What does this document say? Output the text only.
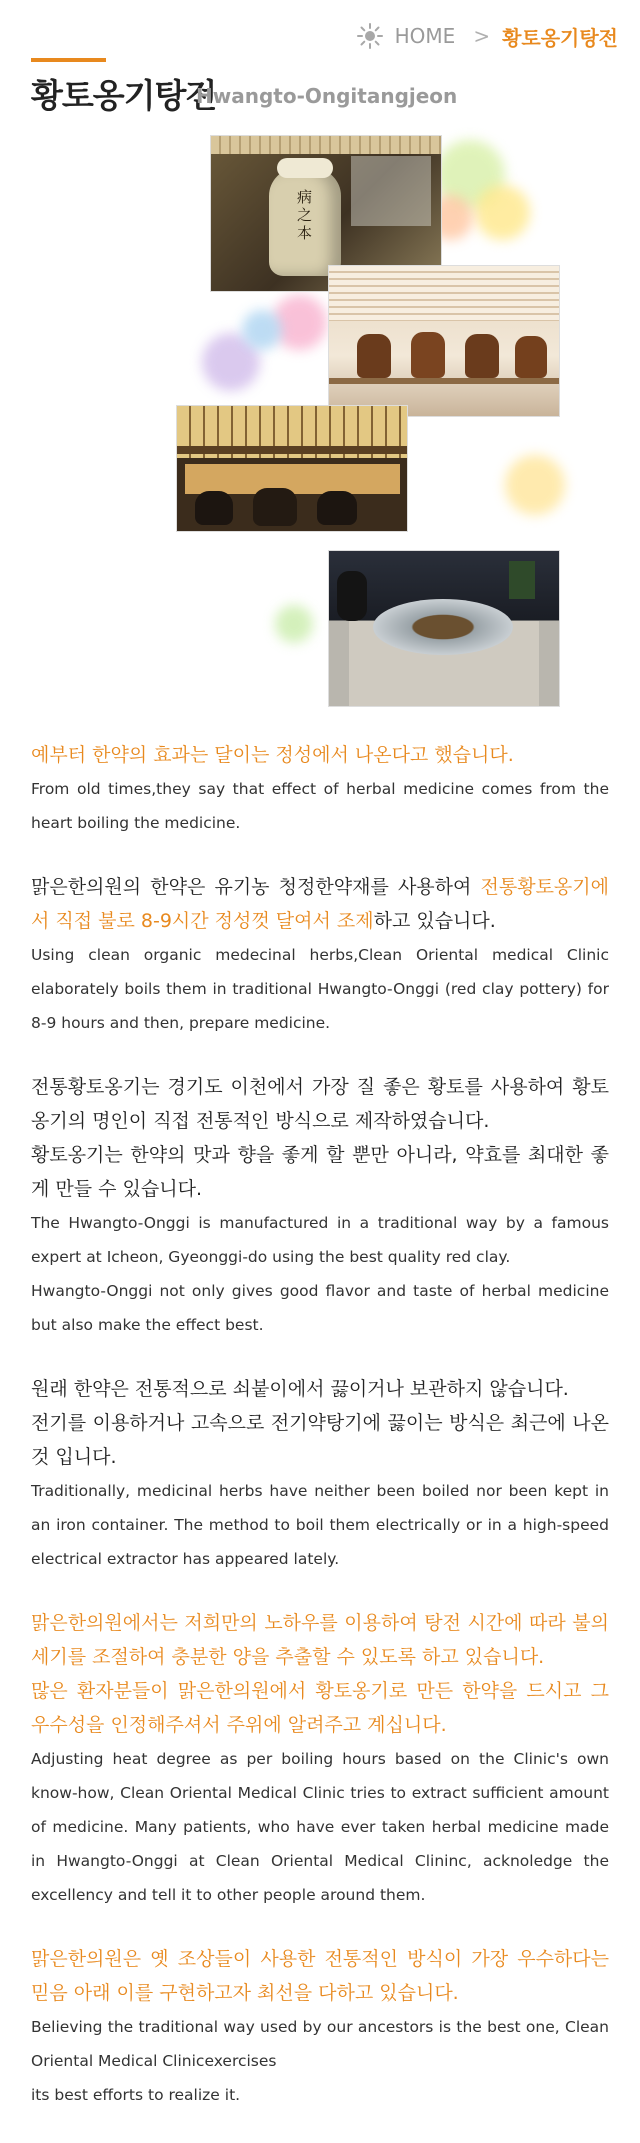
HOME > 황토옹기탕전
황토옹기탕전
Hwangto-Ongitangjeon
病之本

예부터 한약의 효과는 달이는 정성에서 나온다고 했습니다.

From old times,they say that effect of herbal medicine comes from the heart boiling the medicine.

맑은한의원의 한약은 유기농 청정한약재를 사용하여 전통황토옹기에서 직접 불로 8-9시간 정성껏 달여서 조제하고 있습니다.

Using clean organic medecinal herbs,Clean Oriental medical Clinic elaborately boils them in traditional Hwangto-Onggi (red clay pottery) for 8-9 hours and then, prepare medicine.

전통황토옹기는 경기도 이천에서 가장 질 좋은 황토를 사용하여 황토 옹기의 명인이 직접 전통적인 방식으로 제작하였습니다.

황토옹기는 한약의 맛과 향을 좋게 할 뿐만 아니라, 약효를 최대한 좋게 만들 수 있습니다.

The Hwangto-Onggi is manufactured in a traditional way by a famous expert at Icheon, Gyeonggi-do using the best quality red clay.

Hwangto-Onggi not only gives good flavor and taste of herbal medicine but also make the effect best.

원래 한약은 전통적으로 쇠붙이에서 끓이거나 보관하지 않습니다.

전기를 이용하거나 고속으로 전기약탕기에 끓이는 방식은 최근에 나온것 입니다.

Traditionally, medicinal herbs have neither been boiled nor been kept in an iron container. The method to boil them electrically or in a high-speed electrical extractor has appeared lately.

맑은한의원에서는 저희만의 노하우를 이용하여 탕전 시간에 따라 불의 세기를 조절하여 충분한 양을 추출할 수 있도록 하고 있습니다.

많은 환자분들이 맑은한의원에서 황토옹기로 만든 한약을 드시고 그 우수성을 인정해주셔서 주위에 알려주고 계십니다.

Adjusting heat degree as per boiling hours based on the Clinic's own know-how, Clean Oriental Medical Clinic tries to extract sufficient amount of medicine. Many patients, who have ever taken herbal medicine made in Hwangto-Onggi at Clean Oriental Medical Clininc, acknoledge the excellency and tell it to other people around them.

맑은한의원은 옛 조상들이 사용한 전통적인 방식이 가장 우수하다는 믿음 아래 이를 구현하고자 최선을 다하고 있습니다.

Believing the traditional way used by our ancestors is the best one, Clean Oriental Medical Clinicexercises

its best efforts to realize it.
